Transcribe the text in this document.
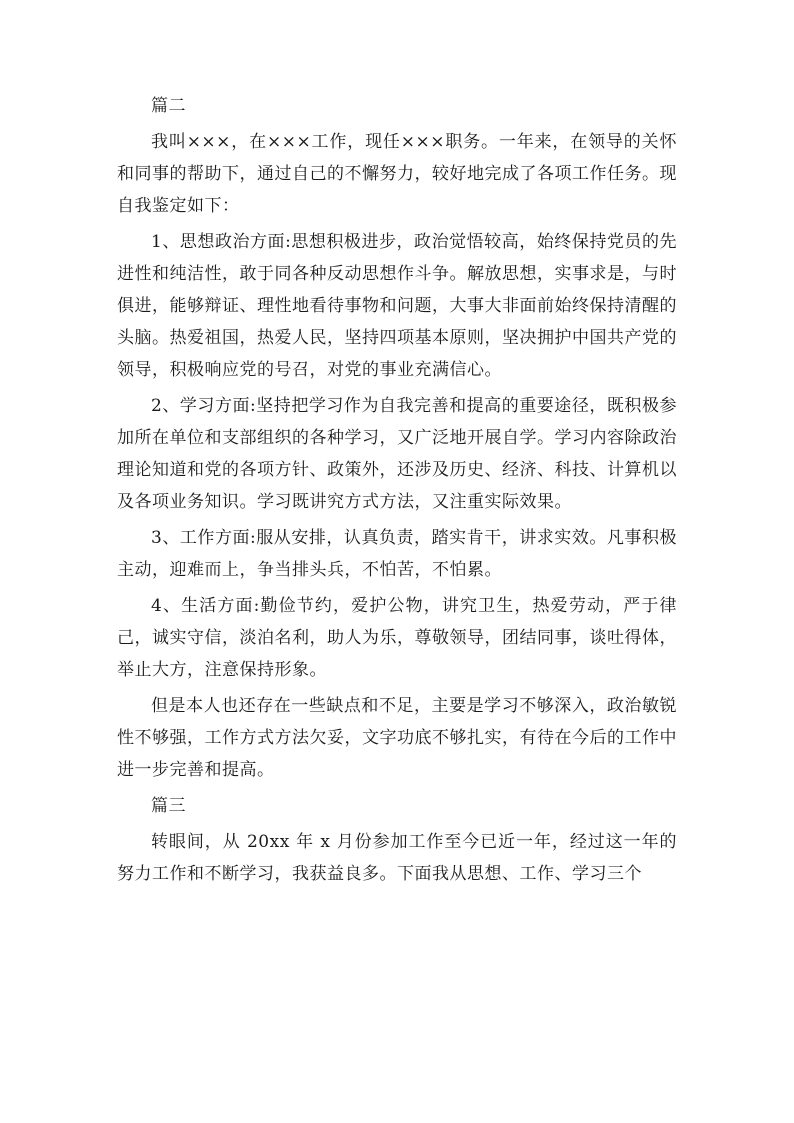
篇二

我叫×××，在×××工作，现任×××职务。一年来，在领导的关怀和同事的帮助下，通过自己的不懈努力，较好地完成了各项工作任务。现自我鉴定如下：

1、思想政治方面:思想积极进步，政治觉悟较高，始终保持党员的先进性和纯洁性，敢于同各种反动思想作斗争。解放思想，实事求是，与时俱进，能够辩证、理性地看待事物和问题，大事大非面前始终保持清醒的头脑。热爱祖国，热爱人民，坚持四项基本原则，坚决拥护中国共产党的领导，积极响应党的号召，对党的事业充满信心。

2、学习方面:坚持把学习作为自我完善和提高的重要途径，既积极参加所在单位和支部组织的各种学习，又广泛地开展自学。学习内容除政治理论知道和党的各项方针、政策外，还涉及历史、经济、科技、计算机以及各项业务知识。学习既讲究方式方法，又注重实际效果。

3、工作方面:服从安排，认真负责，踏实肯干，讲求实效。凡事积极主动，迎难而上，争当排头兵，不怕苦，不怕累。

4、生活方面:勤俭节约，爱护公物，讲究卫生，热爱劳动，严于律己，诚实守信，淡泊名利，助人为乐，尊敬领导，团结同事，谈吐得体，举止大方，注意保持形象。

但是本人也还存在一些缺点和不足，主要是学习不够深入，政治敏锐性不够强，工作方式方法欠妥，文字功底不够扎实，有待在今后的工作中进一步完善和提高。

篇三

转眼间，从 20xx 年 x 月份参加工作至今已近一年，经过这一年的努力工作和不断学习，我获益良多。下面我从思想、工作、学习三个
